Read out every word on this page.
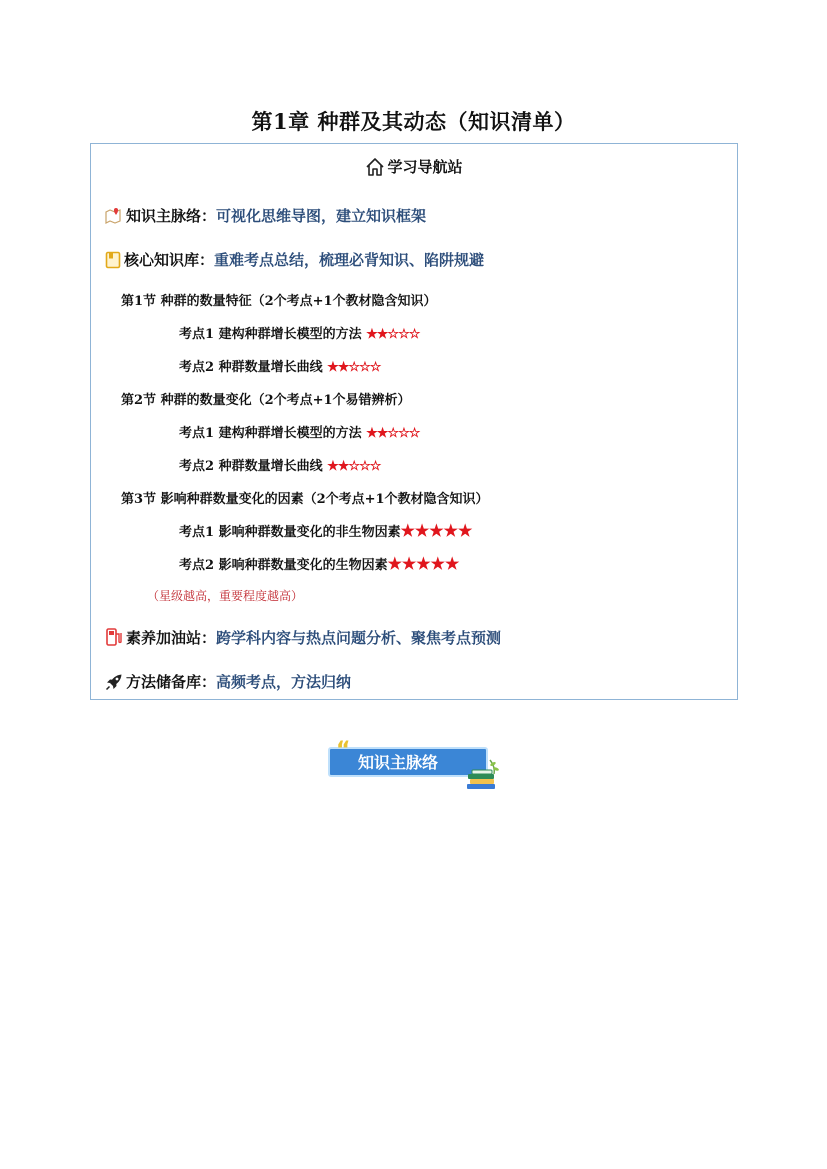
第1章 种群及其动态（知识清单）
学习导航站
知识主脉络：可视化思维导图，建立知识框架
核心知识库：重难考点总结，梳理必背知识、陷阱规避
第1节 种群的数量特征（2个考点+1个教材隐含知识）
考点1 建构种群增长模型的方法 ★★☆☆☆
考点2 种群数量增长曲线 ★★☆☆☆
第2节 种群的数量变化（2个考点+1个易错辨析）
考点1 建构种群增长模型的方法 ★★☆☆☆
考点2 种群数量增长曲线 ★★☆☆☆
第3节 影响种群数量变化的因素（2个考点+1个教材隐含知识）
考点1 影响种群数量变化的非生物因素★★★★★
考点2 影响种群数量变化的生物因素★★★★★
（星级越高，重要程度越高）
素养加油站：跨学科内容与热点问题分析、聚焦考点预测
方法储备库：高频考点，方法归纳
“ 知识主脉络
